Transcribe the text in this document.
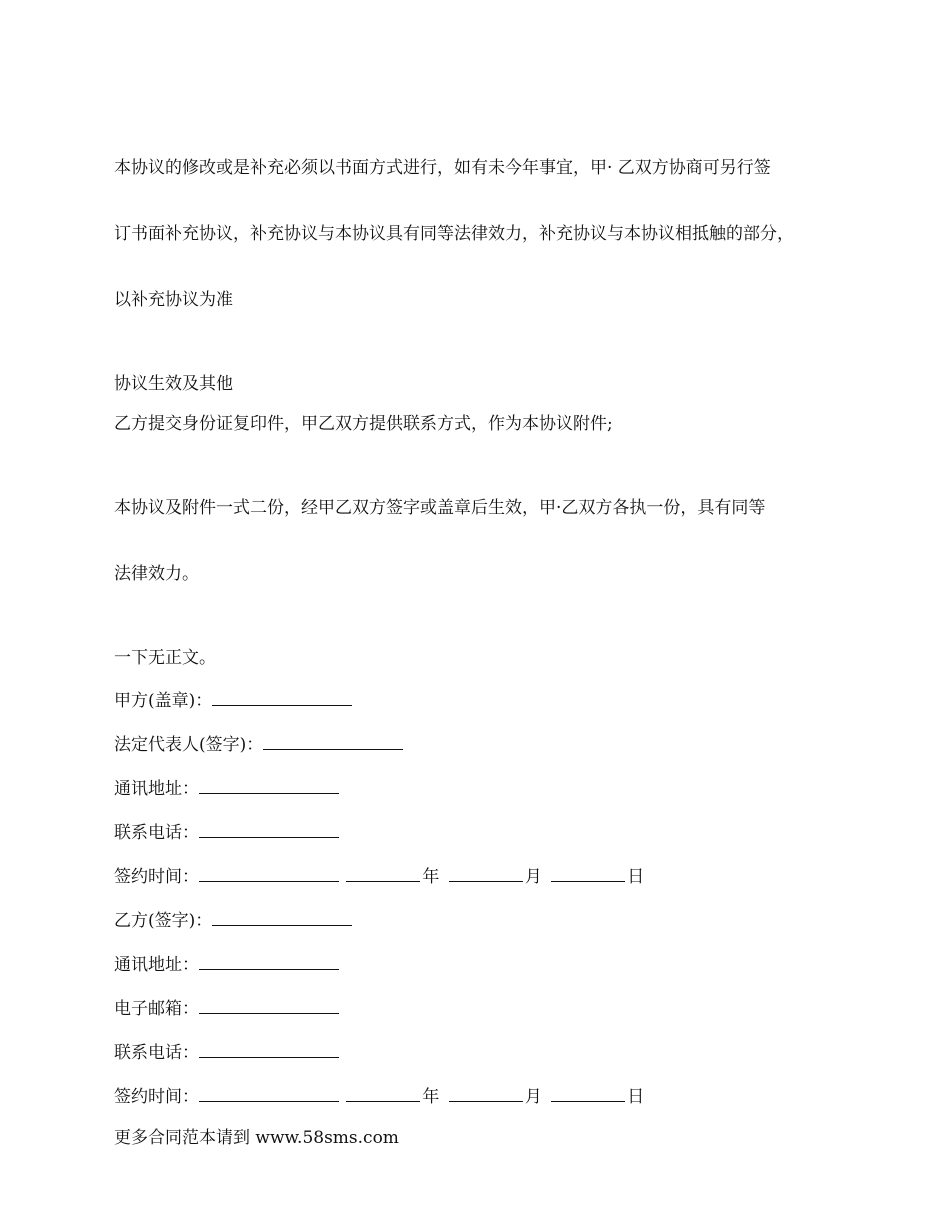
本协议的修改或是补充必须以书面方式进行，如有未今年事宜，甲· 乙双方协商可另行签

订书面补充协议，补充协议与本协议具有同等法律效力，补充协议与本协议相抵触的部分，

以补充协议为准

协议生效及其他

乙方提交身份证复印件，甲乙双方提供联系方式，作为本协议附件;

本协议及附件一式二份，经甲乙双方签字或盖章后生效，甲·乙双方各执一份，具有同等

法律效力。

一下无正文。

甲方(盖章)：
法定代表人(签字)：
通讯地址：
联系电话：
签约时间：	年	月	日
乙方(签字)：
通讯地址：
电子邮箱：
联系电话：
签约时间：	年	月	日
更多合同范本请到 www.58sms.com
